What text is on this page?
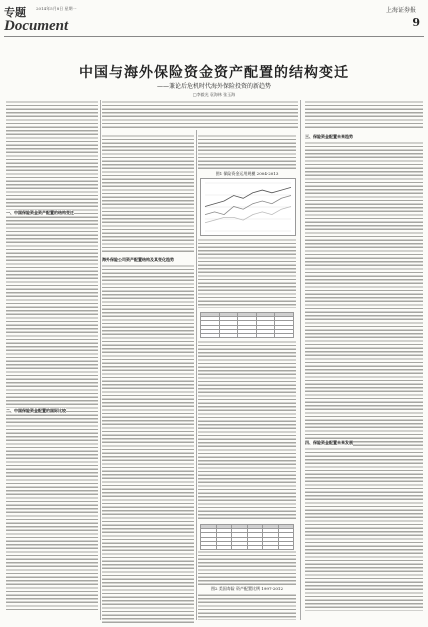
专题
Document
2014年5月8日 星期一	上海证券报
9
中国与海外保险资金资产配置的结构变迁
——兼论后危机时代海外保险投资的新趋势
□李毅光 袁海林 张玉海
一、中国保险资金资产配置的结构变迁
二、中国保险资金配置的国际比较
海外保险公司资产配置结构及其变化趋势
图1 保险资金运用规模 2004-2013

三、保险资金配置未来趋势
四、保险资金配置未来发展
图2 美国寿险 资产配置比例 1997-2012
